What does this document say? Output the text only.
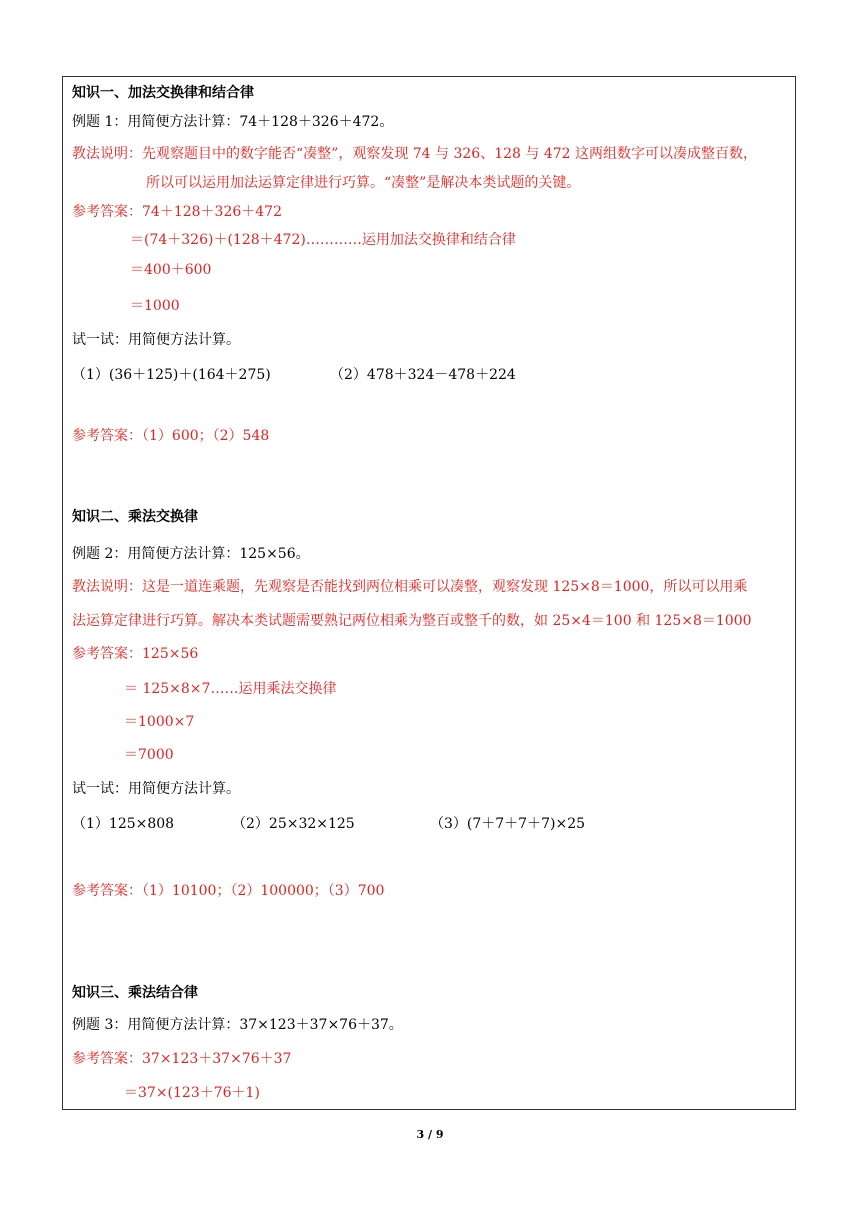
知识一、加法交换律和结合律
例题 1：用简便方法计算：74＋128＋326＋472。
教法说明：先观察题目中的数字能否“凑整”，观察发现 74 与 326、128 与 472 这两组数字可以凑成整百数，
所以可以运用加法运算定律进行巧算。“凑整”是解决本类试题的关键。
参考答案：74＋128＋326＋472
＝(74＋326)＋(128＋472)…………运用加法交换律和结合律
＝400＋600
＝1000
试一试：用简便方法计算。
（1）(36＋125)＋(164＋275)	（2）478＋324－478＋224
参考答案：（1）600；（2）548
知识二、乘法交换律
例题 2：用简便方法计算：125×56。
教法说明：这是一道连乘题，先观察是否能找到两位相乘可以凑整，观察发现 125×8＝1000，所以可以用乘
法运算定律进行巧算。解决本类试题需要熟记两位相乘为整百或整千的数，如 25×4＝100 和 125×8＝1000
参考答案：125×56
＝ 125×8×7……运用乘法交换律
＝1000×7
＝7000
试一试：用简便方法计算。
（1）125×808	（2）25×32×125	（3）(7＋7＋7＋7)×25
参考答案：（1）10100；（2）100000；（3）700
知识三、乘法结合律
例题 3：用简便方法计算：37×123＋37×76＋37。
参考答案：37×123＋37×76＋37
＝37×(123＋76＋1)
3 / 9
